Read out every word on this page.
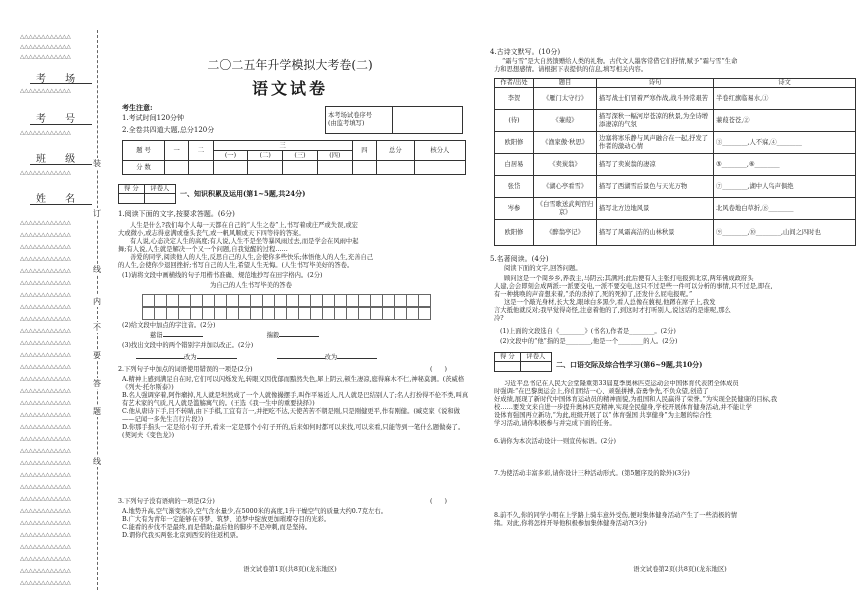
△△△△△△△△△△△△
△△△△△△△△△△△△
△△△△△△△△△△△△
考 场
△△△△△△△△△△△△
考 号
△△△△△△△△△△△△
班 级
△△△△△△△△△△△△
姓 名
△△△△△△△△△△△△
△△△△△△△△△△△△
△△△△△△△△△△△△
△△△△△△△△△△△△
△△△△△△△△△△△△
△△△△△△△△△△△△
△△△△△△△△△△△△
△△△△△△△△△△△△
△△△△△△△△△△△△
△△△△△△△△△△△△
△△△△△△△△△△△△
△△△△△△△△△△△△
△△△△△△△△△△△△
△△△△△△△△△△△△
△△△△△△△△△△△△
△△△△△△△△△△△△
△△△△△△△△△△△△
△△△△△△△△△△△△
△△△△△△△△△△△△
△△△△△△△△△△△△
△△△△△△△△△△△△
△△△△△△△△△△△△
△△△△△△△△△△△△
△△△△△△△△△△△△
△△△△△△△△△△△△
△△△△△△△△△△△△
△△△△△△△△△△△△
△△△△△△△△△△△△
△△△△△△△△△△△△
△△△△△△△△△△△△
△△△△△△△△△△△△
装
订
线
内
不
要
答
题
线
二〇二五年升学模拟大考卷(二)
语文试卷
考生注意:
1.考试时间120分钟
2.全卷共四道大题,总分120分
本考场试卷序号
(由监考填写)

题 号	一	二	三				四	总分	核分人
			(一)	(二)	(三)	(四)			
分 数									
得 分	评卷人

一、知识积累及运用(第1~5题,共24分)
1.阅读下面的文字,按要求答题。(6分)
人生是什么?我们每个人每一天都在自己的“人生之卷”上,书写着或庄严或失误,或宏
大或微小,或志得意满或垂头丧气,或一帆风顺或天下四等待的答案。
有人说,心态决定人生的高度;有人说,人生不是坐等暴风雨过去,而是学会在风雨中起
舞;有人说,人生就是解决一个又一个问题,自我觉醒的过程……
善爱的同学,阅读他人的人生,反思自己的人生,会使你多些快乐;体悟他人的人生,充善自己
的人生,会使你少退回挫折;书写自己的人生,希望人生无悔。(人生书写毕美好的答卷。
(1)请将文段中画横线的句子用楷书准确、规范地抄写在田字格内。(2分)
为自己的人生书写毕美的答卷
(2)给文段中加点的字注音。(2分)
慈诣	揣毅
(3)找出文段中的两个错别字并加以改正。(2分)
改为	改为
2.下列句子中加点的词语使用错误的一项是(2分)	(      )
A.精神上感到满足自在时,它们可以闪烁发光,转眼又因优郁而黯然失色,犀上阴云,顿生凄凉,庭得麻木不仁,神秘莫测。(茨威格《列夫·托尔斯泰》)
B.名人强调穿着,阿作瘤掉,凡人就是坦然成了一个人就像撮摆手,叫作平易近人,凡人就是巴结别人了;名人打扮得不伦不类,叫真有艺术家的气质,凡人就是滥觞寓气的。(王选《我一生中的重要抉择》)
C.他从唐诗下手,目不转睛,由下手棋,工宜有言一,并把吃不达,天使苦苦不朝是刚,只是刚健更平,作有刚健。(臧克家《说和做——记闻一多先生言行片段》)
D.你那手指头一定是给小钉子开,看来一定是那个小钉子开的,后来如何时都可以来找,可以来看,只能等到一笔什么题做奏了。(契诃夫《变色龙》)
3.下列句子没有语病的一项是(2分)	(      )
A.地势升高,空气渐变寒冷,空气含水量少,在5000米的高度,1升干燥空气的质量大约0.7克左右。
B.广大有为青年一定能够在寻梦、筑梦、追梦中绽放更加璀璨夺目的光彩。
C.能看的步伐不是最终,而是借助;最后他的脚步不是冲刺,而是坚持。
D.谓你代我买两张北京到西安的往返机票。
语文试卷第1页(共8页)(龙东地区)
4.古诗文默写。(10分)
“霜与雪”是大自然馈赠给人类的礼物。古代文人墨客常借它们抒情,赋予“霜与雪”生命
力和思想感情。请根据下表提供的信息,填写相关内容。
作者/出处	题目	诗句	诗文
李贺	《雁门太守行》	描写战士们冒着严寒作战,战斗异常艰苦	半卷红旗临易水,①
(待)	《蒹葭》	描写深秋一幅河岸苍凉的秋景,为全诗增添凄凉的气氛	蒹葭苍苍,②
欧阳修	《渔家傲·秋思》	边塞将寒乐静与风声融合在一起,抒发了作者的激动心情	③________,人不寐,④________
白居易	《卖炭翁》	描写了卖炭翁的凄凉	⑤________,⑥________
张岱	《湖心亭看雪》	描写了西湖雪后景色与天光万物	⑦________,湖中人鸟声俱绝
岑参	《白雪歌送武判官归京》	描写北方边地风景	北风卷地白草折,⑧________
欧阳修	《醉翁亭记》	描写了风霜高洁的山林秋景	⑨________,⑩________,山间之四时也
5.名著阅读。(4分)
阅读下面的文字,回答问题。
顾问这是一个周乡乡,养我主,马阴云;其满河;此后便有人主张打电报到北京,两年佛成政府头
人建,会会即刻会成两派:一派要交电,一派不要交电,这只不过是些一件可以分析的事情,只不过是,即在,
有一种挑唤的声音想来着,“杀的杀掉了,死的死掉了,还发什么屁电报呢。”
这是一个敲光身材,长大发,眼球白多黑少,看人总像在藐视,他蹲在席子上,我发
言大抵他就反对;我早觉得奇怪,注意着他的了,到这时才打听别人,说这话的是谁呢,那么
冷?
(1)上面的文段选自《________》(书名),作者是________。(2分)
(2)文段中的“他”指的是________,他是一个________的人。(2分)
得 分	评卷人

二、口语交际及综合性学习(第6~9题,共10分)
习近平总书记在人民大会堂隆重第33届夏季奥林匹克运动会中国体育代表团全体成员
时强调:“在巴黎奥运会上,你们团结一心、顽强拼搏,奋勇争先,不负众望,创造了
好成绩,展现了新时代中国体育运动员的精神面貌,为祖国和人民赢得了荣誉。”为实现全民健康的目标,我
校……要发文来自进一步提升奥林匹克精神,实现全民健身,学校开展体育健身活动,并不能让学
设体育强国再立新功,“为此,班级开展了以“ 体育强国 共享健身”为主题的综合性
学习活动,请你积极参与并完成下面的任务。
6.请你为本次活动设计一则宣传标语。(2分)
7.为使活动丰富多彩,请你设计三种活动形式。(第5题序及的除外)(3分)
8.前不久,你的同学小明在上学路上骑车意外受伤,便对集体健身活动产生了一些消极的情
绪。对此,你将怎样开导他积极参加集体健身活动?(3分)
语文试卷第2页(共8页)(龙东地区)
